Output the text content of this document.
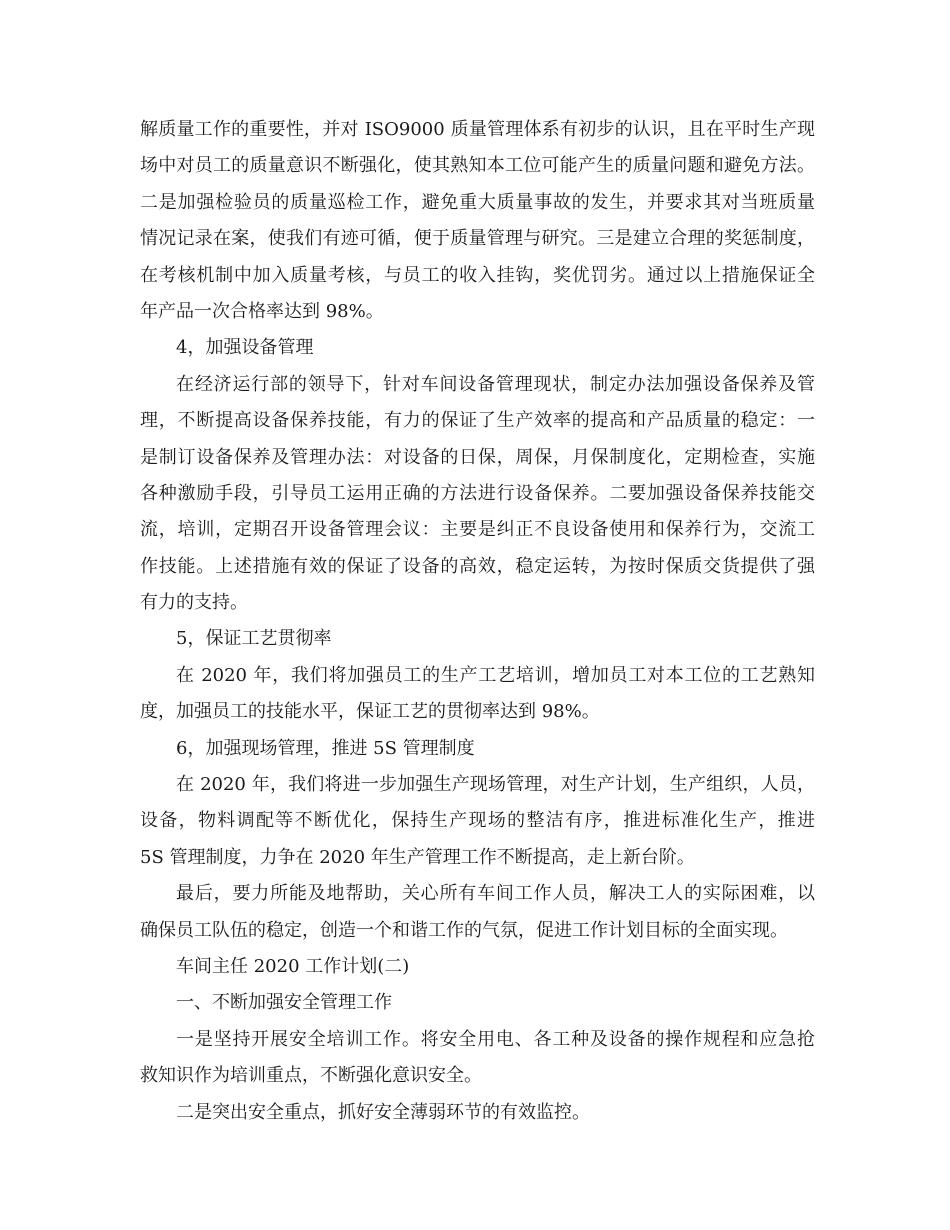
解质量工作的重要性，并对 ISO9000 质量管理体系有初步的认识，且在平时生产现
场中对员工的质量意识不断强化，使其熟知本工位可能产生的质量问题和避免方法。
二是加强检验员的质量巡检工作，避免重大质量事故的发生，并要求其对当班质量
情况记录在案，使我们有迹可循，便于质量管理与研究。三是建立合理的奖惩制度，
在考核机制中加入质量考核，与员工的收入挂钩，奖优罚劣。通过以上措施保证全
年产品一次合格率达到 98%。
4，加强设备管理
在经济运行部的领导下，针对车间设备管理现状，制定办法加强设备保养及管
理，不断提高设备保养技能，有力的保证了生产效率的提高和产品质量的稳定：一
是制订设备保养及管理办法：对设备的日保，周保，月保制度化，定期检查，实施
各种激励手段，引导员工运用正确的方法进行设备保养。二要加强设备保养技能交
流，培训，定期召开设备管理会议：主要是纠正不良设备使用和保养行为，交流工
作技能。上述措施有效的保证了设备的高效，稳定运转，为按时保质交货提供了强
有力的支持。
5，保证工艺贯彻率
在 2020 年，我们将加强员工的生产工艺培训，增加员工对本工位的工艺熟知
度，加强员工的技能水平，保证工艺的贯彻率达到 98%。
6，加强现场管理，推进 5S 管理制度
在 2020 年，我们将进一步加强生产现场管理，对生产计划，生产组织，人员，
设备，物料调配等不断优化，保持生产现场的整洁有序，推进标准化生产，推进
5S 管理制度，力争在 2020 年生产管理工作不断提高，走上新台阶。
最后，要力所能及地帮助，关心所有车间工作人员，解决工人的实际困难，以
确保员工队伍的稳定，创造一个和谐工作的气氛，促进工作计划目标的全面实现。
车间主任 2020 工作计划(二)
一、不断加强安全管理工作
一是坚持开展安全培训工作。将安全用电、各工种及设备的操作规程和应急抢
救知识作为培训重点，不断强化意识安全。
二是突出安全重点，抓好安全薄弱环节的有效监控。
